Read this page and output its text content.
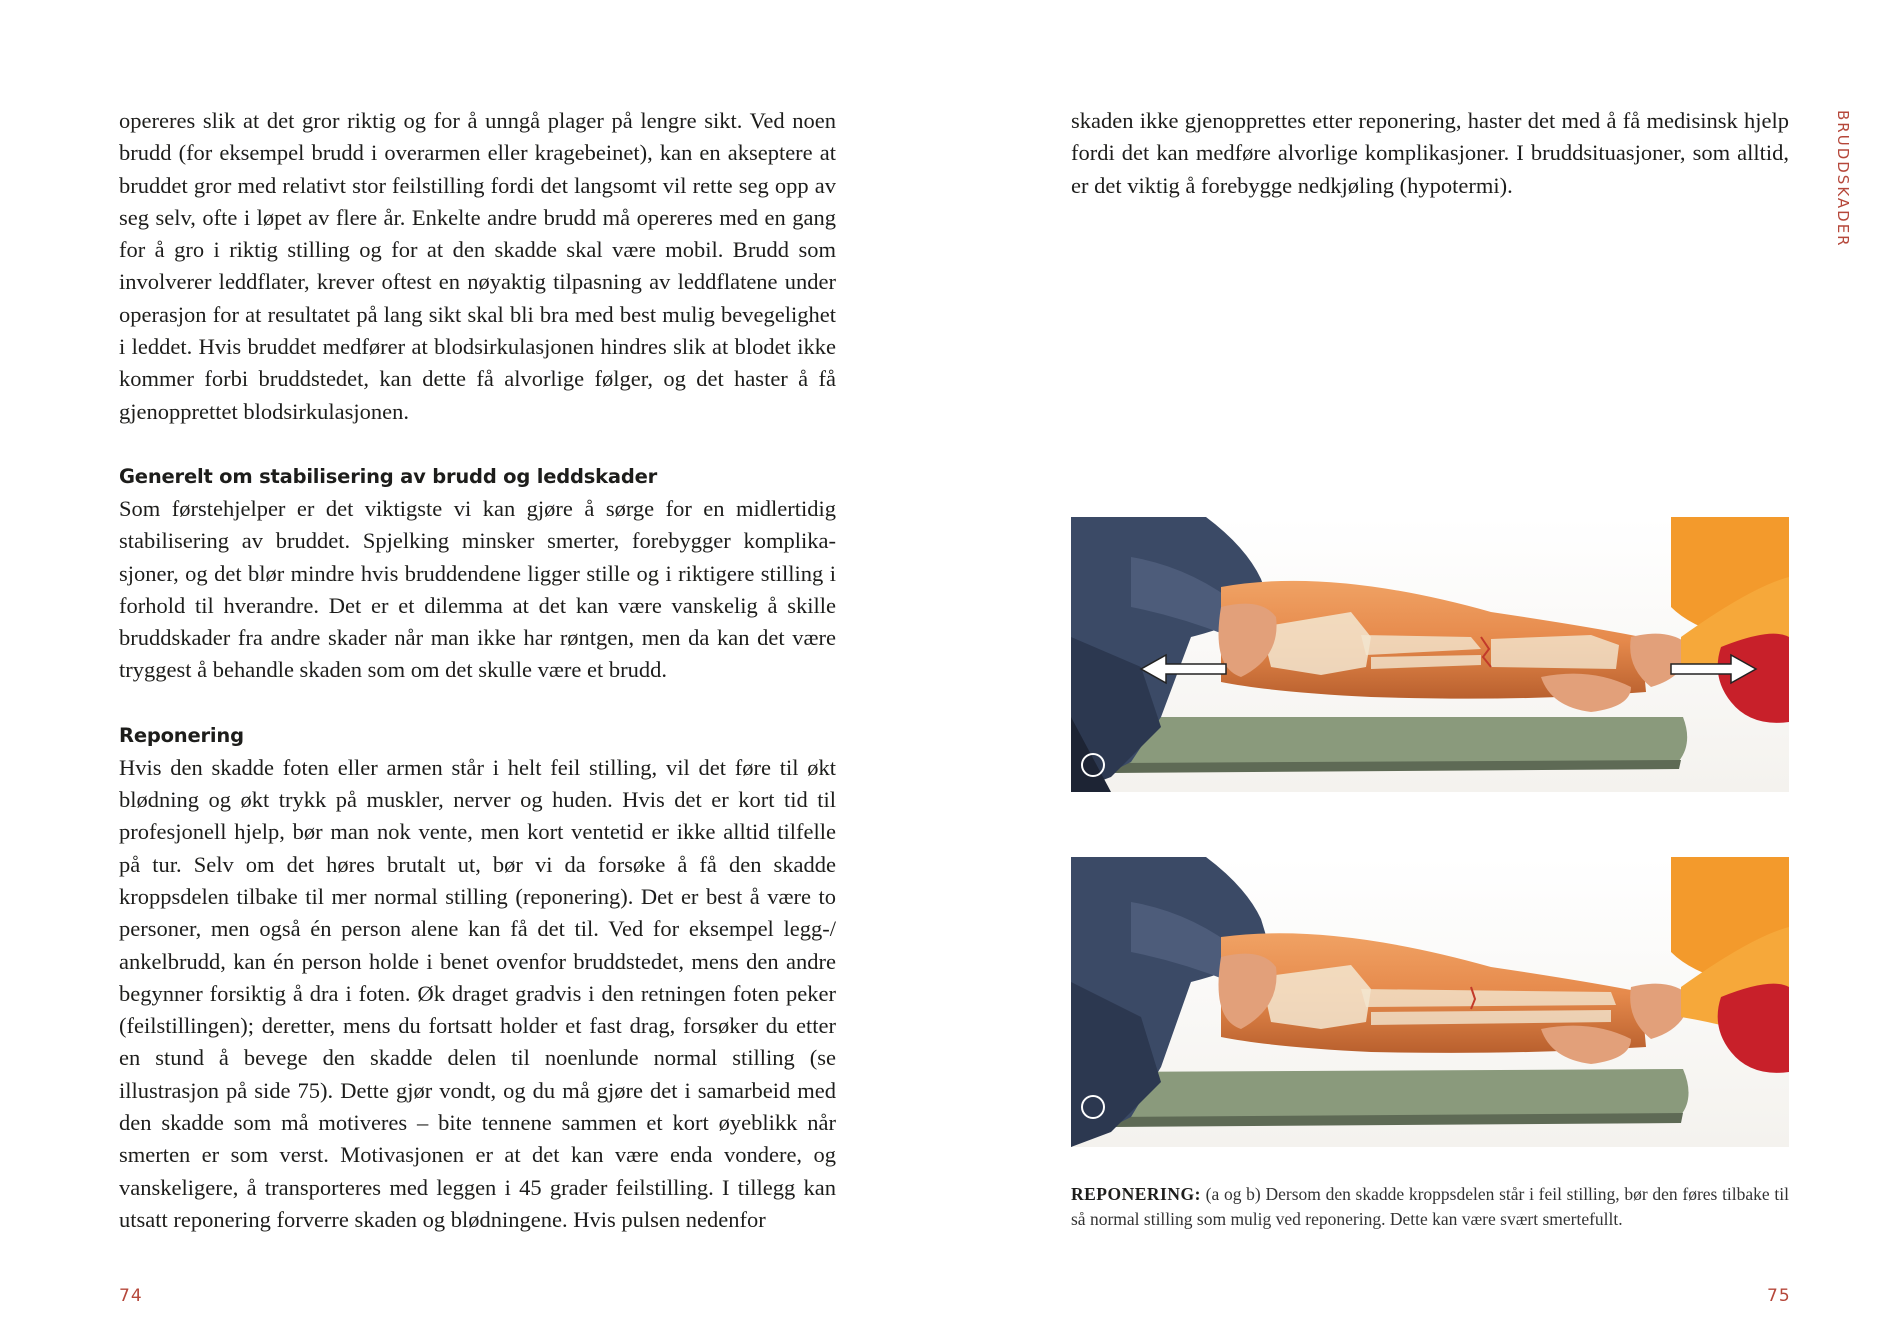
opereres slik at det gror riktig og for å unngå plager på lengre sikt. Ved noen brudd (for eksempel brudd i overarmen eller kragebeinet), kan en akseptere at bruddet gror med relativt stor feilstilling fordi det langsomt vil rette seg opp av seg selv, ofte i løpet av flere år. Enkelte andre brudd må opereres med en gang for å gro i riktig stilling og for at den skadde skal være mobil. Brudd som involverer leddflater, krever oftest en nøyaktig tilpasning av leddflatene under operasjon for at resultatet på lang sikt skal bli bra med best mulig bevegelighet i leddet. Hvis bruddet medfører at blodsirkulasjonen hindres slik at blodet ikke kommer forbi bruddstedet, kan dette få alvorlige følger, og det haster å få gjenopprettet blodsirkulasjonen.

Generelt om stabilisering av brudd og leddskader

Som førstehjelper er det viktigste vi kan gjøre å sørge for en midlertidig stabilisering av bruddet. Spjelking minsker smerter, forebygger komplikasjoner, og det blør mindre hvis bruddendene ligger stille og i riktigere stilling i forhold til hverandre. Det er et dilemma at det kan være vanskelig å skille bruddskader fra andre skader når man ikke har røntgen, men da kan det være tryggest å behandle skaden som om det skulle være et brudd.

Reponering

Hvis den skadde foten eller armen står i helt feil stilling, vil det føre til økt blødning og økt trykk på muskler, nerver og huden. Hvis det er kort tid til profesjonell hjelp, bør man nok vente, men kort ventetid er ikke alltid tilfelle på tur. Selv om det høres brutalt ut, bør vi da forsøke å få den skadde kroppsdelen tilbake til mer normal stilling (reponering). Det er best å være to personer, men også én person alene kan få det til. Ved for eksempel legg-/ ankelbrudd, kan én person holde i benet ovenfor bruddstedet, mens den andre begynner forsiktig å dra i foten. Øk draget gradvis i den retningen foten peker (feilstillingen); deretter, mens du fortsatt holder et fast drag, forsøker du etter en stund å bevege den skadde delen til noenlunde normal stilling (se illustrasjon på side 75). Dette gjør vondt, og du må gjøre det i samarbeid med den skadde som må motiveres – bite tennene sammen et kort øyeblikk når smerten er som verst. Motivasjonen er at det kan være enda vondere, og vanskeligere, å transporteres med leggen i 45 grader feilstilling. I tillegg kan utsatt reponering forverre skaden og blødningene. Hvis pulsen nedenfor

74

skaden ikke gjenopprettes etter reponering, haster det med å få medisinsk hjelp fordi det kan medføre alvorlige komplikasjoner. I bruddsituasjoner, som alltid, er det viktig å forebygge nedkjøling (hypotermi).	BRUDDSKADER

REPONERING: (a og b) Dersom den skadde kroppsdelen står i feil stilling, bør den føres tilbake til så normal stilling som mulig ved reponering. Dette kan være svært smertefullt.

75
